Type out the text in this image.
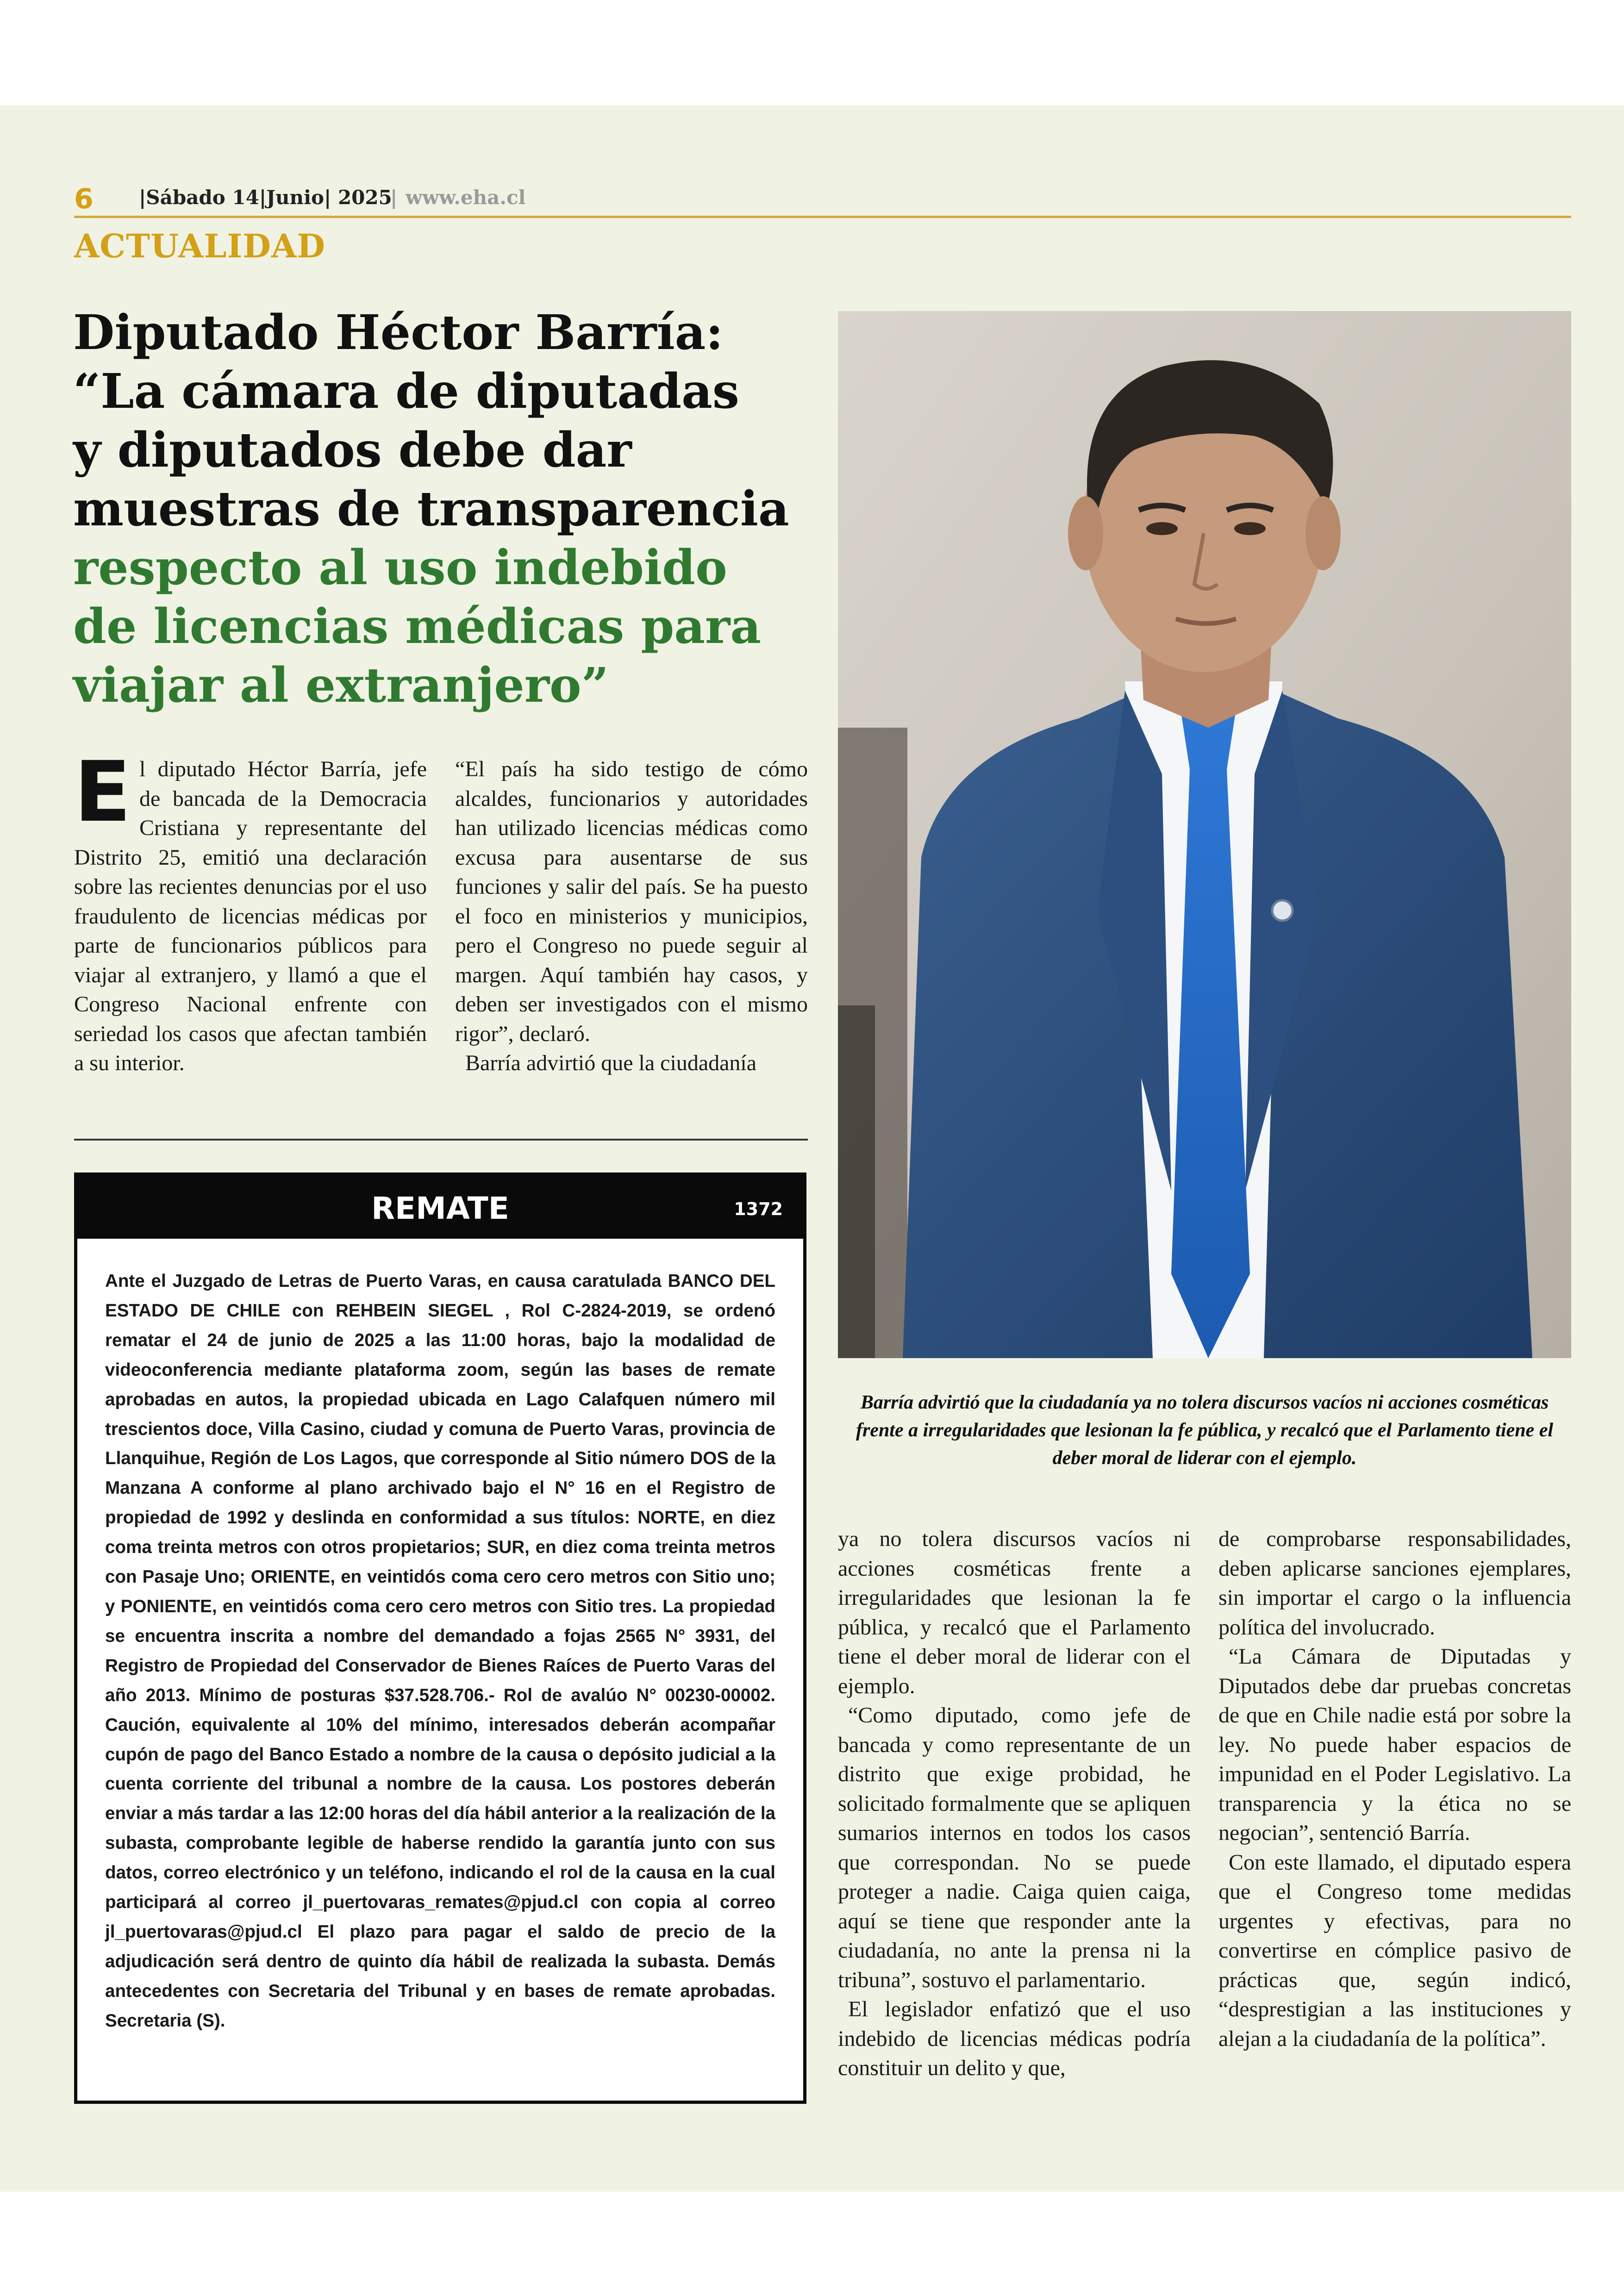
6 |Sábado 14|Junio| 2025
| www.eha.cl
ACTUALIDAD
Diputado Héctor Barría:
“La cámara de diputadas
y diputados debe dar
muestras de transparencia
respecto al uso indebido
de licencias médicas para
viajar al extranjero”
Barría advirtió que la ciudadanía ya no tolera discursos vacíos ni acciones cosméticas frente a irregularidades que lesionan la fe pública, y recalcó que el Parlamento tiene el deber moral de liderar con el ejemplo.

El diputado Héctor Barría, jefe de bancada de la Democracia Cristiana y representante del Distrito 25, emitió una declaración sobre las recientes denuncias por el uso fraudulento de licencias médicas por parte de funcionarios públicos para viajar al extranjero, y llamó a que el Congreso Nacional enfrente con seriedad los casos que afectan también a su interior.

“El país ha sido testigo de cómo alcaldes, funcionarios y autoridades han utilizado licencias médicas como excusa para ausentarse de sus funciones y salir del país. Se ha puesto el foco en ministerios y municipios, pero el Congreso no puede seguir al margen. Aquí también hay casos, y deben ser investigados con el mismo rigor”, declaró.

Barría advirtió que la ciudadanía

REMATE	1372
Ante el Juzgado de Letras de Puerto Varas, en causa caratulada BANCO DEL ESTADO DE CHILE con REHBEIN SIEGEL , Rol C-2824-2019, se ordenó rematar el 24 de junio de 2025 a las 11:00 horas, bajo la modalidad de videoconferencia mediante plataforma zoom, según las bases de remate aprobadas en autos, la propiedad ubicada en Lago Calafquen número mil trescientos doce, Villa Casino, ciudad y comuna de Puerto Varas, provincia de Llanquihue, Región de Los Lagos, que corresponde al Sitio número DOS de la Manzana A conforme al plano archivado bajo el N° 16 en el Registro de propiedad de 1992 y deslinda en conformidad a sus títulos: NORTE, en diez coma treinta metros con otros propietarios; SUR, en diez coma treinta metros con Pasaje Uno; ORIENTE, en veintidós coma cero cero metros con Sitio uno; y PONIENTE, en veintidós coma cero cero metros con Sitio tres. La propiedad se encuentra inscrita a nombre del demandado a fojas 2565 N° 3931, del Registro de Propiedad del Conservador de Bienes Raíces de Puerto Varas del año 2013. Mínimo de posturas $37.528.706.- Rol de avalúo N° 00230-00002. Caución, equivalente al 10% del mínimo, interesados deberán acompañar cupón de pago del Banco Estado a nombre de la causa o depósito judicial a la cuenta corriente del tribunal a nombre de la causa. Los postores deberán enviar a más tardar a las 12:00 horas del día hábil anterior a la realización de la subasta, comprobante legible de haberse rendido la garantía junto con sus datos, correo electrónico y un teléfono, indicando el rol de la causa en la cual participará al correo jl_puertovaras_remates@pjud.cl con copia al correo jl_puertovaras@pjud.cl El plazo para pagar el saldo de precio de la adjudicación será dentro de quinto día hábil de realizada la subasta. Demás antecedentes con Secretaria del Tribunal y en bases de remate aprobadas. Secretaria (S).

ya no tolera discursos vacíos ni acciones cosméticas frente a irregularidades que lesionan la fe pública, y recalcó que el Parlamento tiene el deber moral de liderar con el ejemplo.

“Como diputado, como jefe de bancada y como representante de un distrito que exige probidad, he solicitado formalmente que se apliquen sumarios internos en todos los casos que correspondan. No se puede proteger a nadie. Caiga quien caiga, aquí se tiene que responder ante la ciudadanía, no ante la prensa ni la tribuna”, sostuvo el parlamentario.

El legislador enfatizó que el uso indebido de licencias médicas podría constituir un delito y que,

de comprobarse responsabilidades, deben aplicarse sanciones ejemplares, sin importar el cargo o la influencia política del involucrado.

“La Cámara de Diputadas y Diputados debe dar pruebas concretas de que en Chile nadie está por sobre la ley. No puede haber espacios de impunidad en el Poder Legislativo. La transparencia y la ética no se negocian”, sentenció Barría.

Con este llamado, el diputado espera que el Congreso tome medidas urgentes y efectivas, para no convertirse en cómplice pasivo de prácticas que, según indicó, “desprestigian a las instituciones y alejan a la ciudadanía de la política”.
